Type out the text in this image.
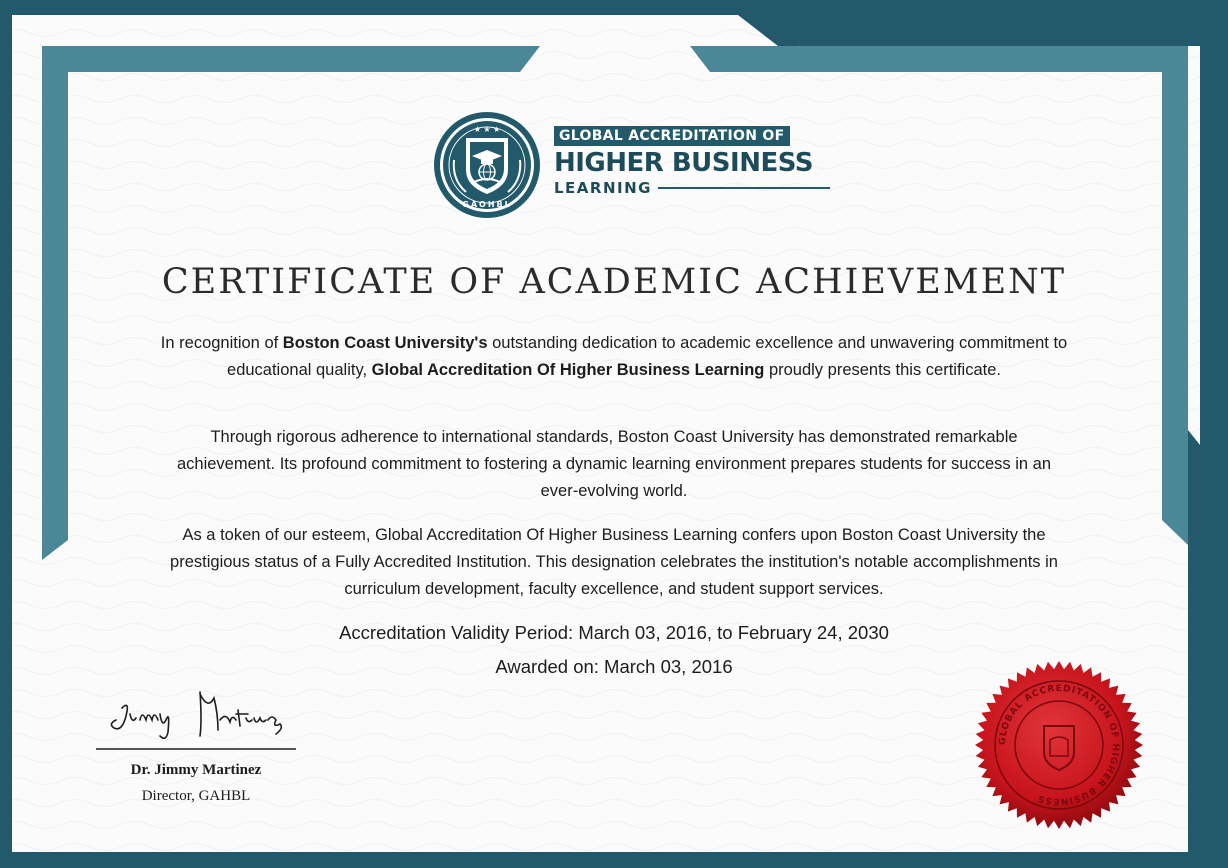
★ ★ ★
GAOHBL
GLOBAL ACCREDITATION OF
HIGHER BUSINESS
LEARNING
CERTIFICATE OF ACADEMIC ACHIEVEMENT
In recognition of Boston Coast University's outstanding dedication to academic excellence and unwavering commitment to educational quality, Global Accreditation Of Higher Business Learning proudly presents this certificate.
Through rigorous adherence to international standards, Boston Coast University has demonstrated remarkable achievement. Its profound commitment to fostering a dynamic learning environment prepares students for success in an ever-evolving world.
As a token of our esteem, Global Accreditation Of Higher Business Learning confers upon Boston Coast University the prestigious status of a Fully Accredited Institution. This designation celebrates the institution's notable accomplishments in curriculum development, faculty excellence, and student support services.
Accreditation Validity Period: March 03, 2016, to February 24, 2030
Awarded on: March 03, 2016
Dr. Jimmy Martinez
Director, GAHBL
GLOBAL ACCREDITATION OF HIGHER BUSINESS
